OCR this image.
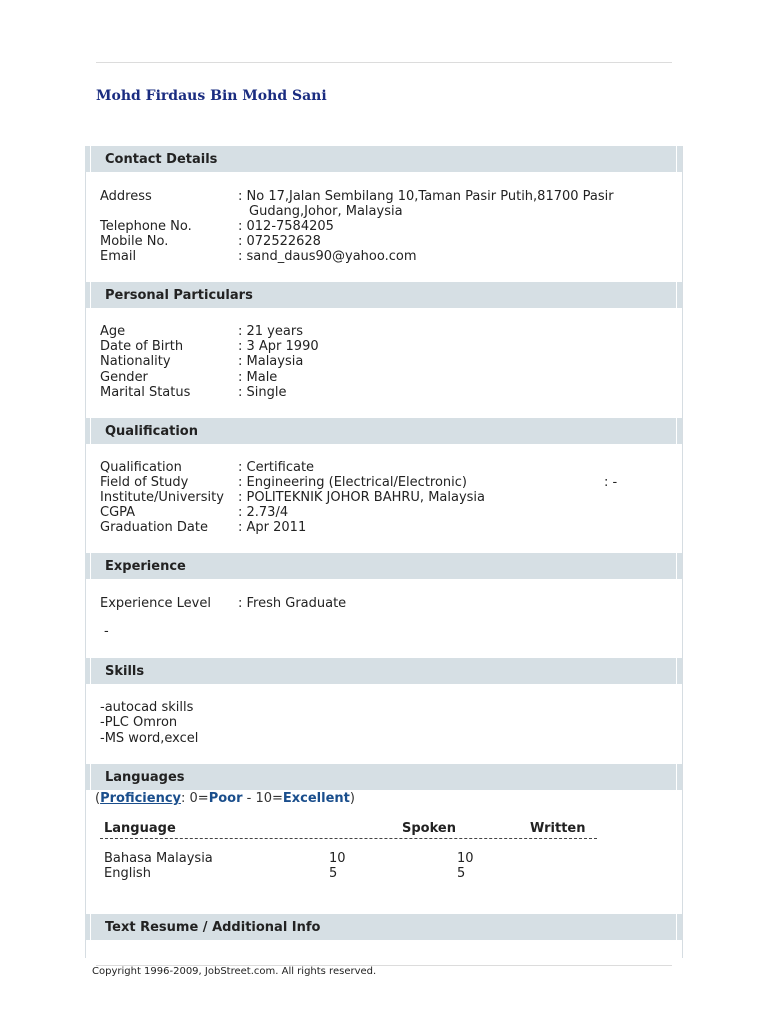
Mohd Firdaus Bin Mohd Sani
Contact Details
Address	: No 17,Jalan Sembilang 10,Taman Pasir Putih,81700 Pasir
Gudang,Johor, Malaysia
Telephone No.	: 012-7584205
Mobile No.	: 072522628
Email	: sand_daus90@yahoo.com
Personal Particulars
Age	: 21 years
Date of Birth	: 3 Apr 1990
Nationality	: Malaysia
Gender	: Male
Marital Status	: Single
Qualification
Qualification	: Certificate
Field of Study	: Engineering (Electrical/Electronic)	: -
Institute/University : POLITEKNIK JOHOR BAHRU, Malaysia
CGPA	: 2.73/4
Graduation Date : Apr 2011
Experience
Experience Level : Fresh Graduate
-
Skills
-autocad skills
-PLC Omron
-MS word,excel
Languages
(Proficiency: 0=Poor - 10=Excellent)
Language	Spoken	Written
Bahasa Malaysia	10	10
English	5	5
Text Resume / Additional Info
Copyright 1996-2009, JobStreet.com. All rights reserved.
